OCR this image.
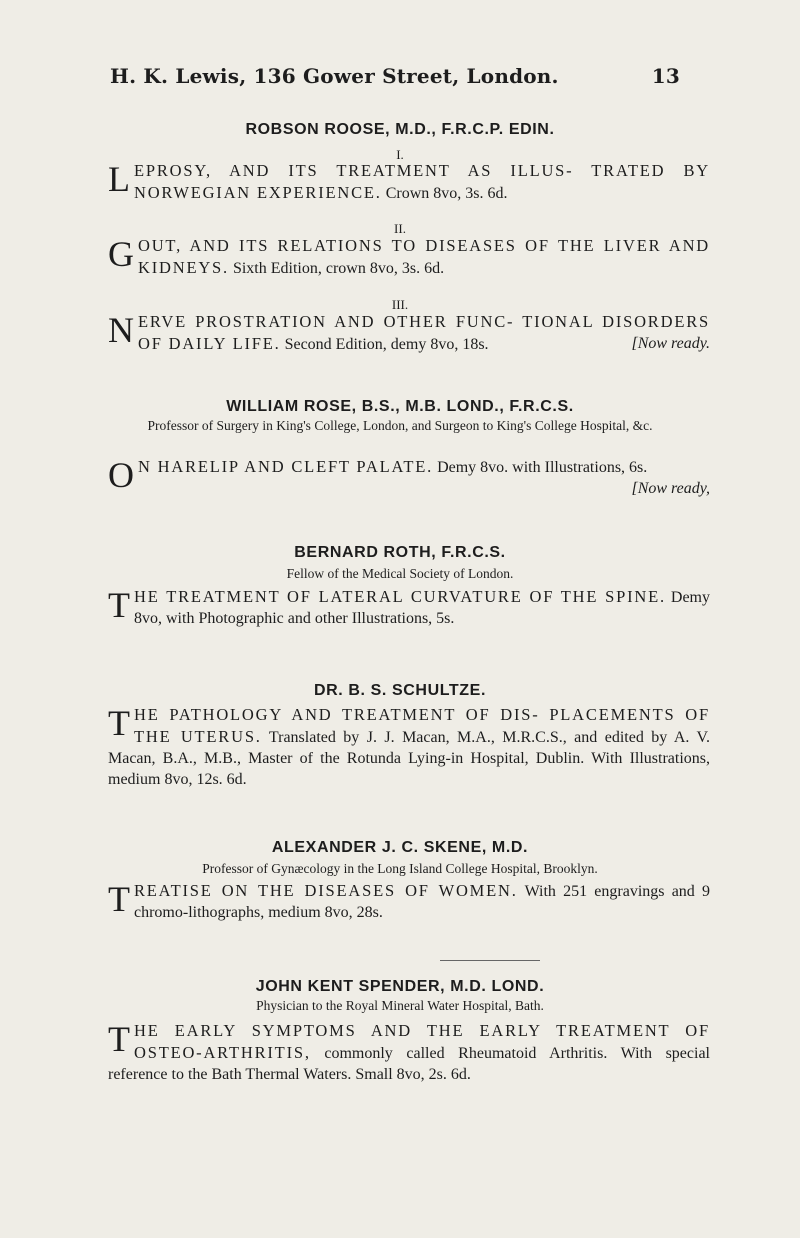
H. K. Lewis, 136 Gower Street, London.	13
ROBSON ROOSE, M.D., F.R.C.P. EDIN.
I.
LEPROSY, AND ITS TREATMENT AS ILLUS- TRATED BY NORWEGIAN EXPERIENCE. Crown 8vo, 3s. 6d.
II.
GOUT, AND ITS RELATIONS TO DISEASES OF THE LIVER AND KIDNEYS. Sixth Edition, crown 8vo, 3s. 6d.
III.
NERVE PROSTRATION AND OTHER FUNC- TIONAL DISORDERS OF DAILY LIFE. Second Edition, demy 8vo, 18s.	[Now ready.
WILLIAM ROSE, B.S., M.B. LOND., F.R.C.S.
Professor of Surgery in King's College, London, and Surgeon to King's College Hospital, &c.
O N HARELIP AND CLEFT PALATE. Demy 8vo. with Illustrations, 6s.
[Now ready,
BERNARD ROTH, F.R.C.S.
Fellow of the Medical Society of London.
THE TREATMENT OF LATERAL CURVATURE OF THE SPINE. Demy 8vo, with Photographic and other Illustrations, 5s.
DR. B. S. SCHULTZE.
THE PATHOLOGY AND TREATMENT OF DIS- PLACEMENTS OF THE UTERUS. Translated by J. J. Macan, M.A., M.R.C.S., and edited by A. V. Macan, B.A., M.B., Master of the Rotunda Lying-in Hospital, Dublin. With Illustrations, medium 8vo, 12s. 6d.
ALEXANDER J. C. SKENE, M.D.
Professor of Gynæcology in the Long Island College Hospital, Brooklyn.
TREATISE ON THE DISEASES OF WOMEN. With 251 engravings and 9 chromo-lithographs, medium 8vo, 28s.
JOHN KENT SPENDER, M.D. LOND.
Physician to the Royal Mineral Water Hospital, Bath.
THE EARLY SYMPTOMS AND THE EARLY TREATMENT OF OSTEO-ARTHRITIS, commonly called Rheumatoid Arthritis. With special reference to the Bath Thermal Waters. Small 8vo, 2s. 6d.
